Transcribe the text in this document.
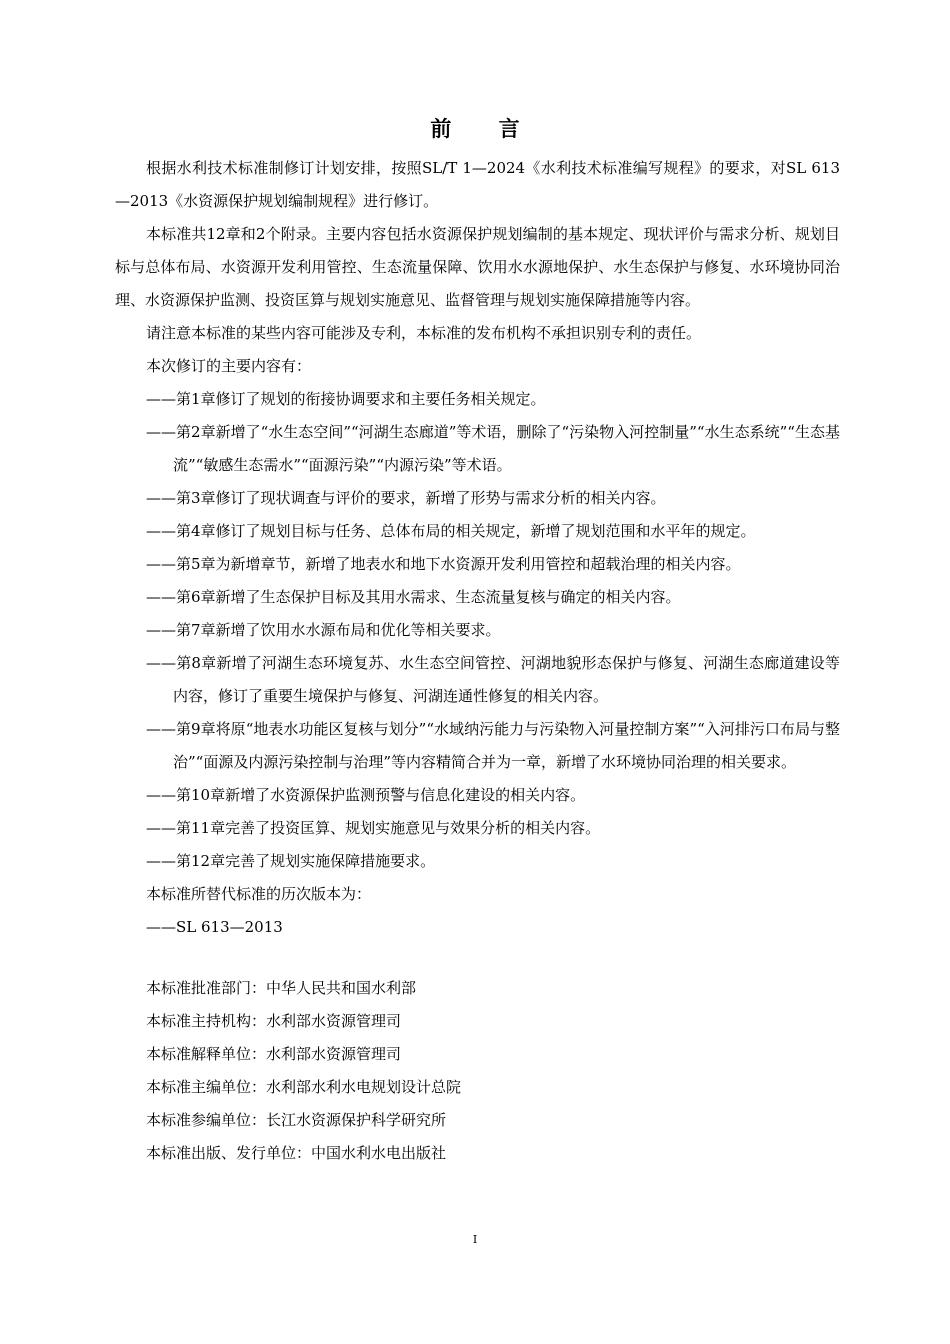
前 言

根据水利技术标准制修订计划安排，按照SL/T 1—2024《水利技术标准编写规程》的要求，对SL 613—2013《水资源保护规划编制规程》进行修订。

本标准共12章和2个附录。主要内容包括水资源保护规划编制的基本规定、现状评价与需求分析、规划目标与总体布局、水资源开发利用管控、生态流量保障、饮用水水源地保护、水生态保护与修复、水环境协同治理、水资源保护监测、投资匡算与规划实施意见、监督管理与规划实施保障措施等内容。

请注意本标准的某些内容可能涉及专利，本标准的发布机构不承担识别专利的责任。

本次修订的主要内容有：

——第1章修订了规划的衔接协调要求和主要任务相关规定。

——第2章新增了“水生态空间”“河湖生态廊道”等术语，删除了“污染物入河控制量”“水生态系统”“生态基流”“敏感生态需水”“面源污染”“内源污染”等术语。

——第3章修订了现状调查与评价的要求，新增了形势与需求分析的相关内容。

——第4章修订了规划目标与任务、总体布局的相关规定，新增了规划范围和水平年的规定。

——第5章为新增章节，新增了地表水和地下水资源开发利用管控和超载治理的相关内容。

——第6章新增了生态保护目标及其用水需求、生态流量复核与确定的相关内容。

——第7章新增了饮用水水源布局和优化等相关要求。

——第8章新增了河湖生态环境复苏、水生态空间管控、河湖地貌形态保护与修复、河湖生态廊道建设等内容，修订了重要生境保护与修复、河湖连通性修复的相关内容。

——第9章将原“地表水功能区复核与划分”“水域纳污能力与污染物入河量控制方案”“入河排污口布局与整治”“面源及内源污染控制与治理”等内容精简合并为一章，新增了水环境协同治理的相关要求。

——第10章新增了水资源保护监测预警与信息化建设的相关内容。

——第11章完善了投资匡算、规划实施意见与效果分析的相关内容。

——第12章完善了规划实施保障措施要求。

本标准所替代标准的历次版本为：

——SL 613—2013

本标准批准部门：中华人民共和国水利部

本标准主持机构：水利部水资源管理司

本标准解释单位：水利部水资源管理司

本标准主编单位：水利部水利水电规划设计总院

本标准参编单位：长江水资源保护科学研究所

本标准出版、发行单位：中国水利水电出版社

I
